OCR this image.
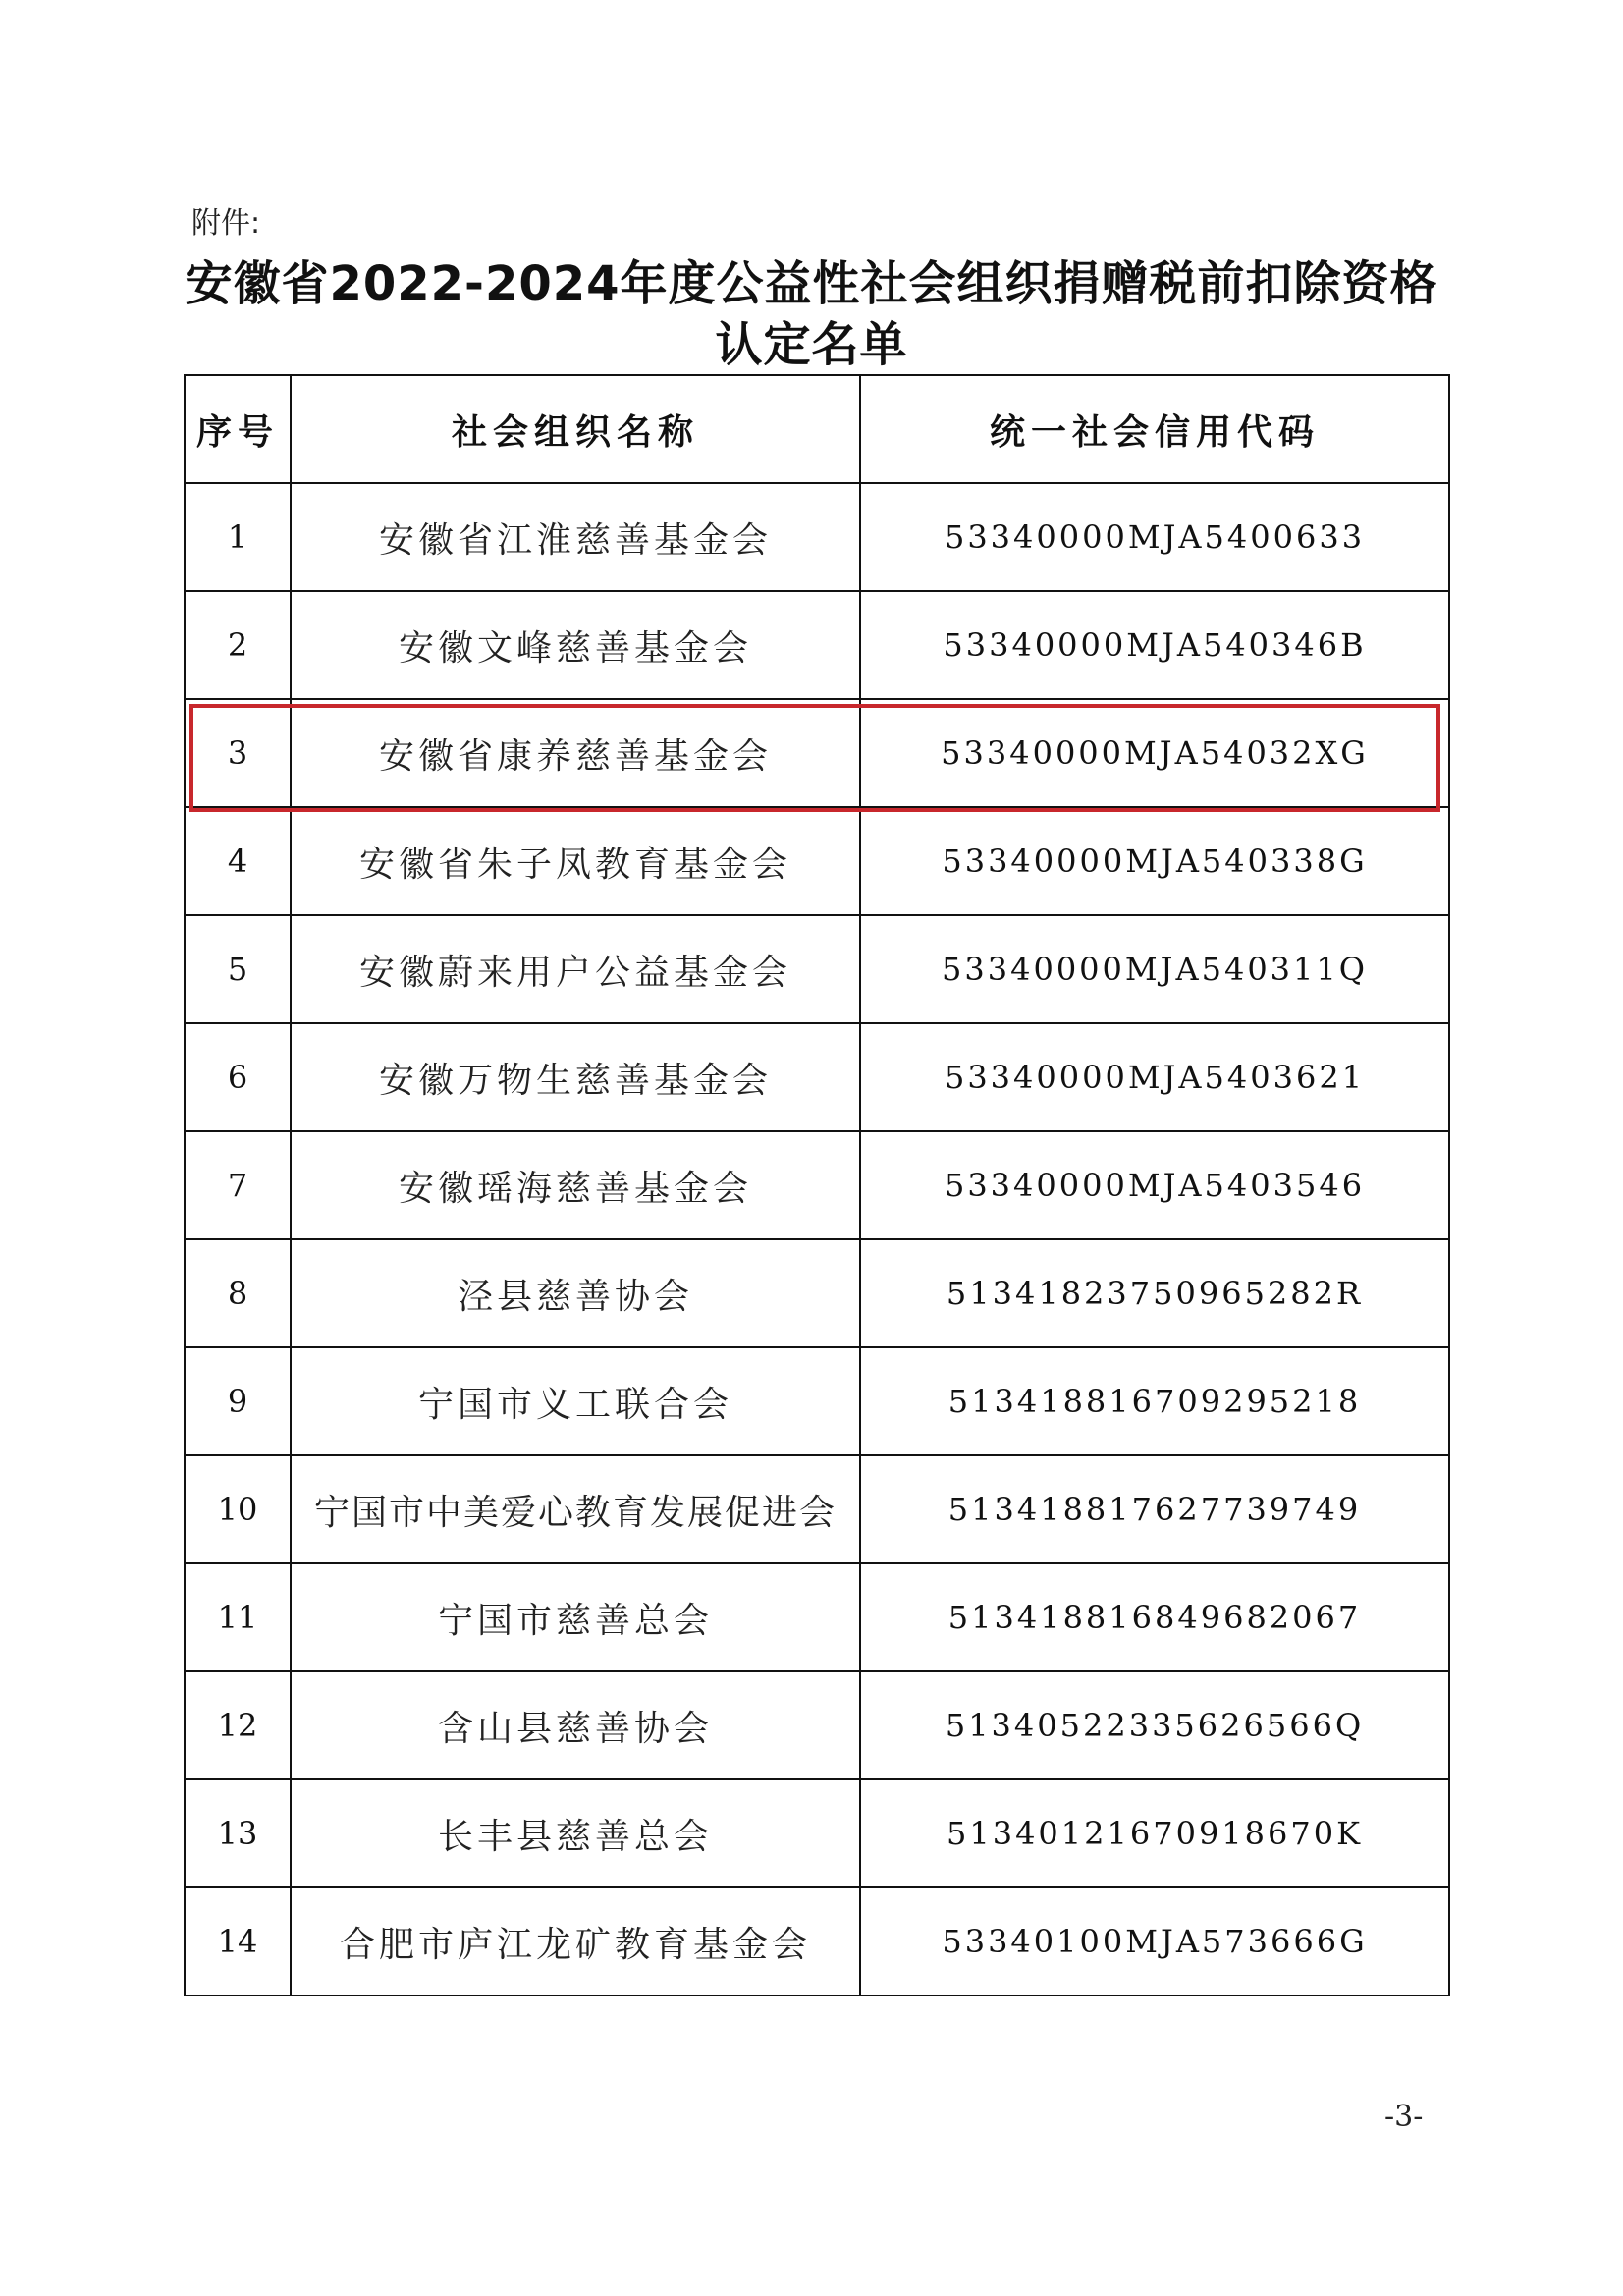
附件:
安徽省2022-2024年度公益性社会组织捐赠税前扣除资格
认定名单
序号	社会组织名称	统一社会信用代码
1	安徽省江淮慈善基金会	53340000MJA5400633
2	安徽文峰慈善基金会	53340000MJA540346B
3	安徽省康养慈善基金会	53340000MJA54032XG
4	安徽省朱子凤教育基金会	53340000MJA540338G
5	安徽蔚来用户公益基金会	53340000MJA540311Q
6	安徽万物生慈善基金会	53340000MJA5403621
7	安徽瑶海慈善基金会	53340000MJA5403546
8	泾县慈善协会	51341823750965282R
9	宁国市义工联合会	513418816709295218
10	宁国市中美爱心教育发展促进会	513418817627739749
11	宁国市慈善总会	513418816849682067
12	含山县慈善协会	51340522335626566Q
13	长丰县慈善总会	51340121670918670K
14	合肥市庐江龙矿教育基金会	53340100MJA573666G
-3-
